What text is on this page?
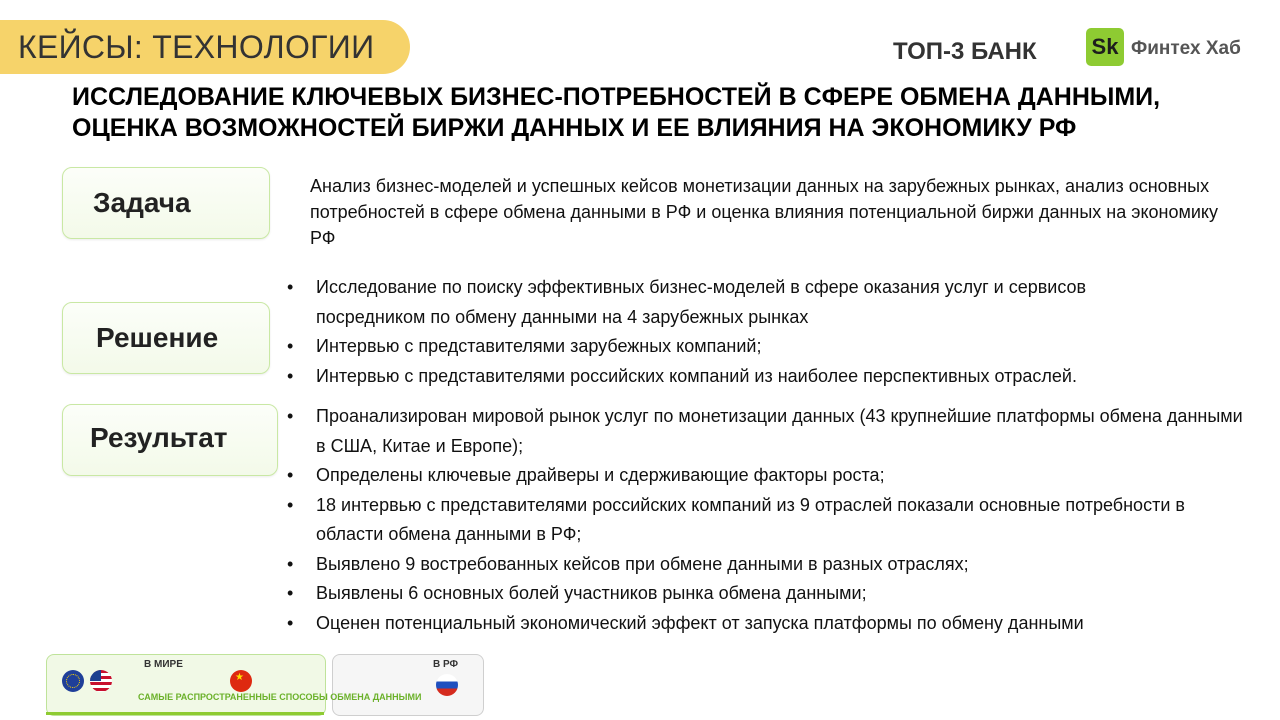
КЕЙСЫ: ТЕХНОЛОГИИ	ТОП-3 БАНК Sk Финтех Хаб
ИССЛЕДОВАНИЕ КЛЮЧЕВЫХ БИЗНЕС-ПОТРЕБНОСТЕЙ В СФЕРЕ ОБМЕНА ДАННЫМИ,
ОЦЕНКА ВОЗМОЖНОСТЕЙ БИРЖИ ДАННЫХ И ЕЕ ВЛИЯНИЯ НА ЭКОНОМИКУ РФ
Задача
Анализ бизнес-моделей и успешных кейсов монетизации данных на зарубежных рынках, анализ основных потребностей в сфере обмена данными в РФ и оценка влияния потенциальной биржи данных на экономику РФ
Решение
• Исследование по поиску эффективных бизнес-моделей в сфере оказания услуг и сервисов посредником по обмену данными на 4 зарубежных рынках
• Интервью с представителями зарубежных компаний;
• Интервью с представителями российских компаний из наиболее перспективных отраслей.
Результат
• Проанализирован мировой рынок услуг по монетизации данных (43 крупнейшие платформы обмена данными в США, Китае и Европе);
• Определены ключевые драйверы и сдерживающие факторы роста;
• 18 интервью с представителями российских компаний из 9 отраслей показали основные потребности в области обмена данными в РФ;
• Выявлено 9 востребованных кейсов при обмене данными в разных отраслях;
• Выявлены 6 основных болей участников рынка обмена данными;
• Оценен потенциальный экономический эффект от запуска платформы по обмену данными
В МИРЕ	В РФ
★
САМЫЕ РАСПРОСТРАНЕННЫЕ СПОСОБЫ ОБМЕНА ДАННЫМИ
